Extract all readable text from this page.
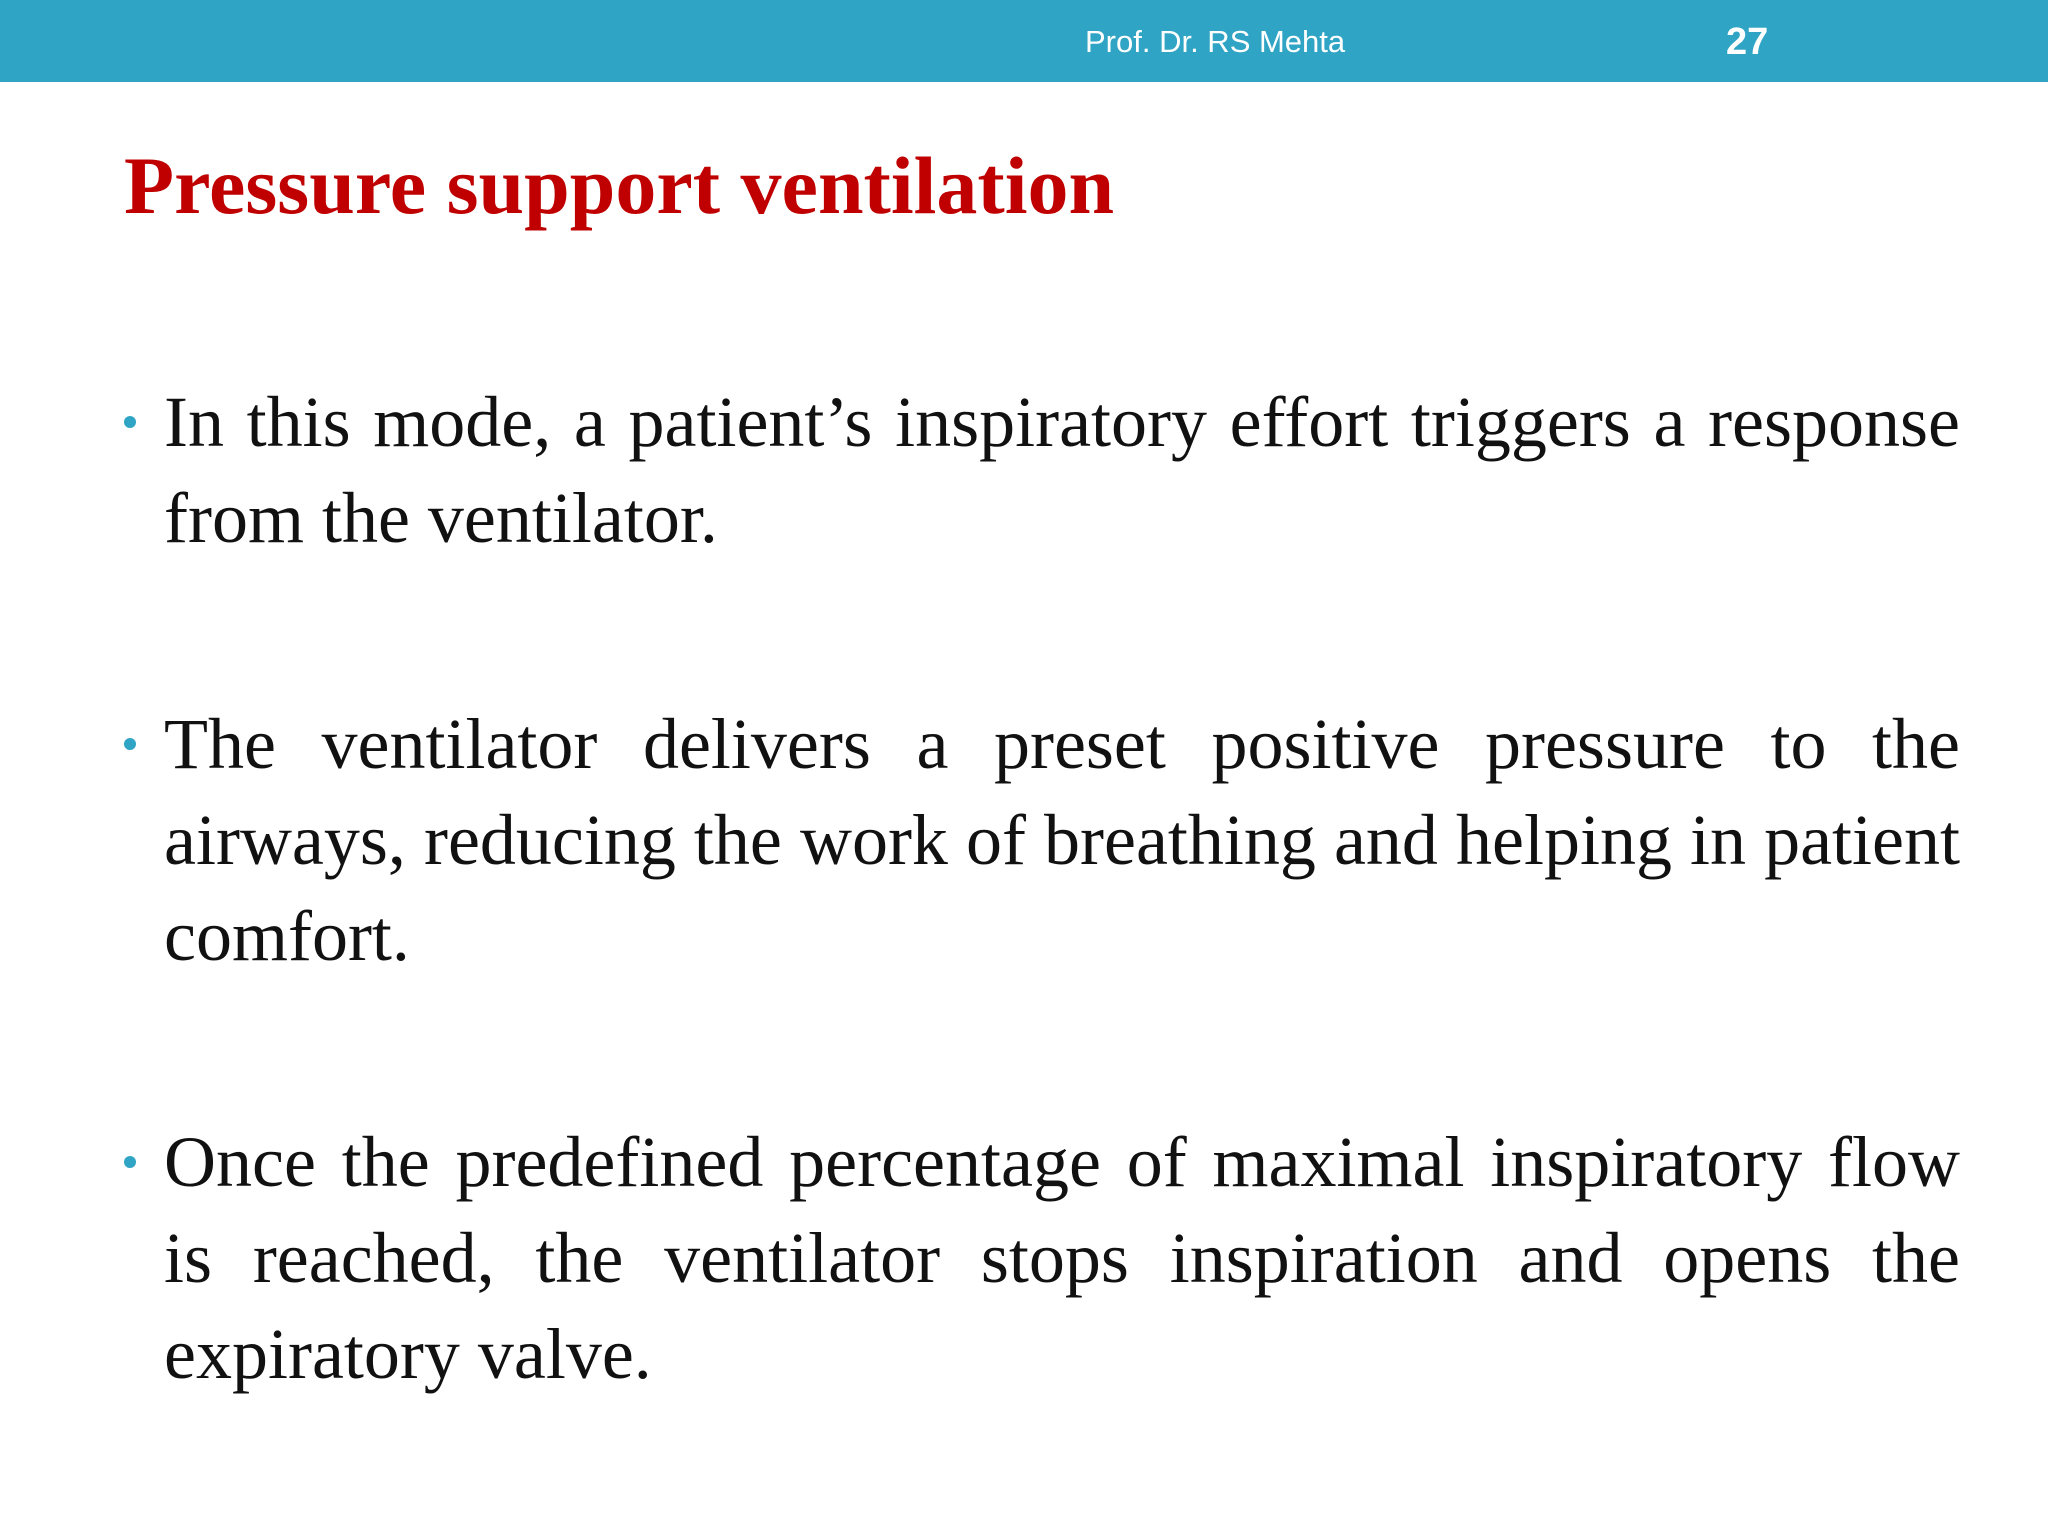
Prof. Dr. RS Mehta	27
Pressure support ventilation
In this mode, a patient’s inspiratory effort triggers a response from the ventilator.
The ventilator delivers a preset positive pressure to the airways, reducing the work of breathing and helping in patient comfort.
Once the predefined percentage of maximal inspiratory flow is reached, the ventilator stops inspiration and opens the expiratory valve.
